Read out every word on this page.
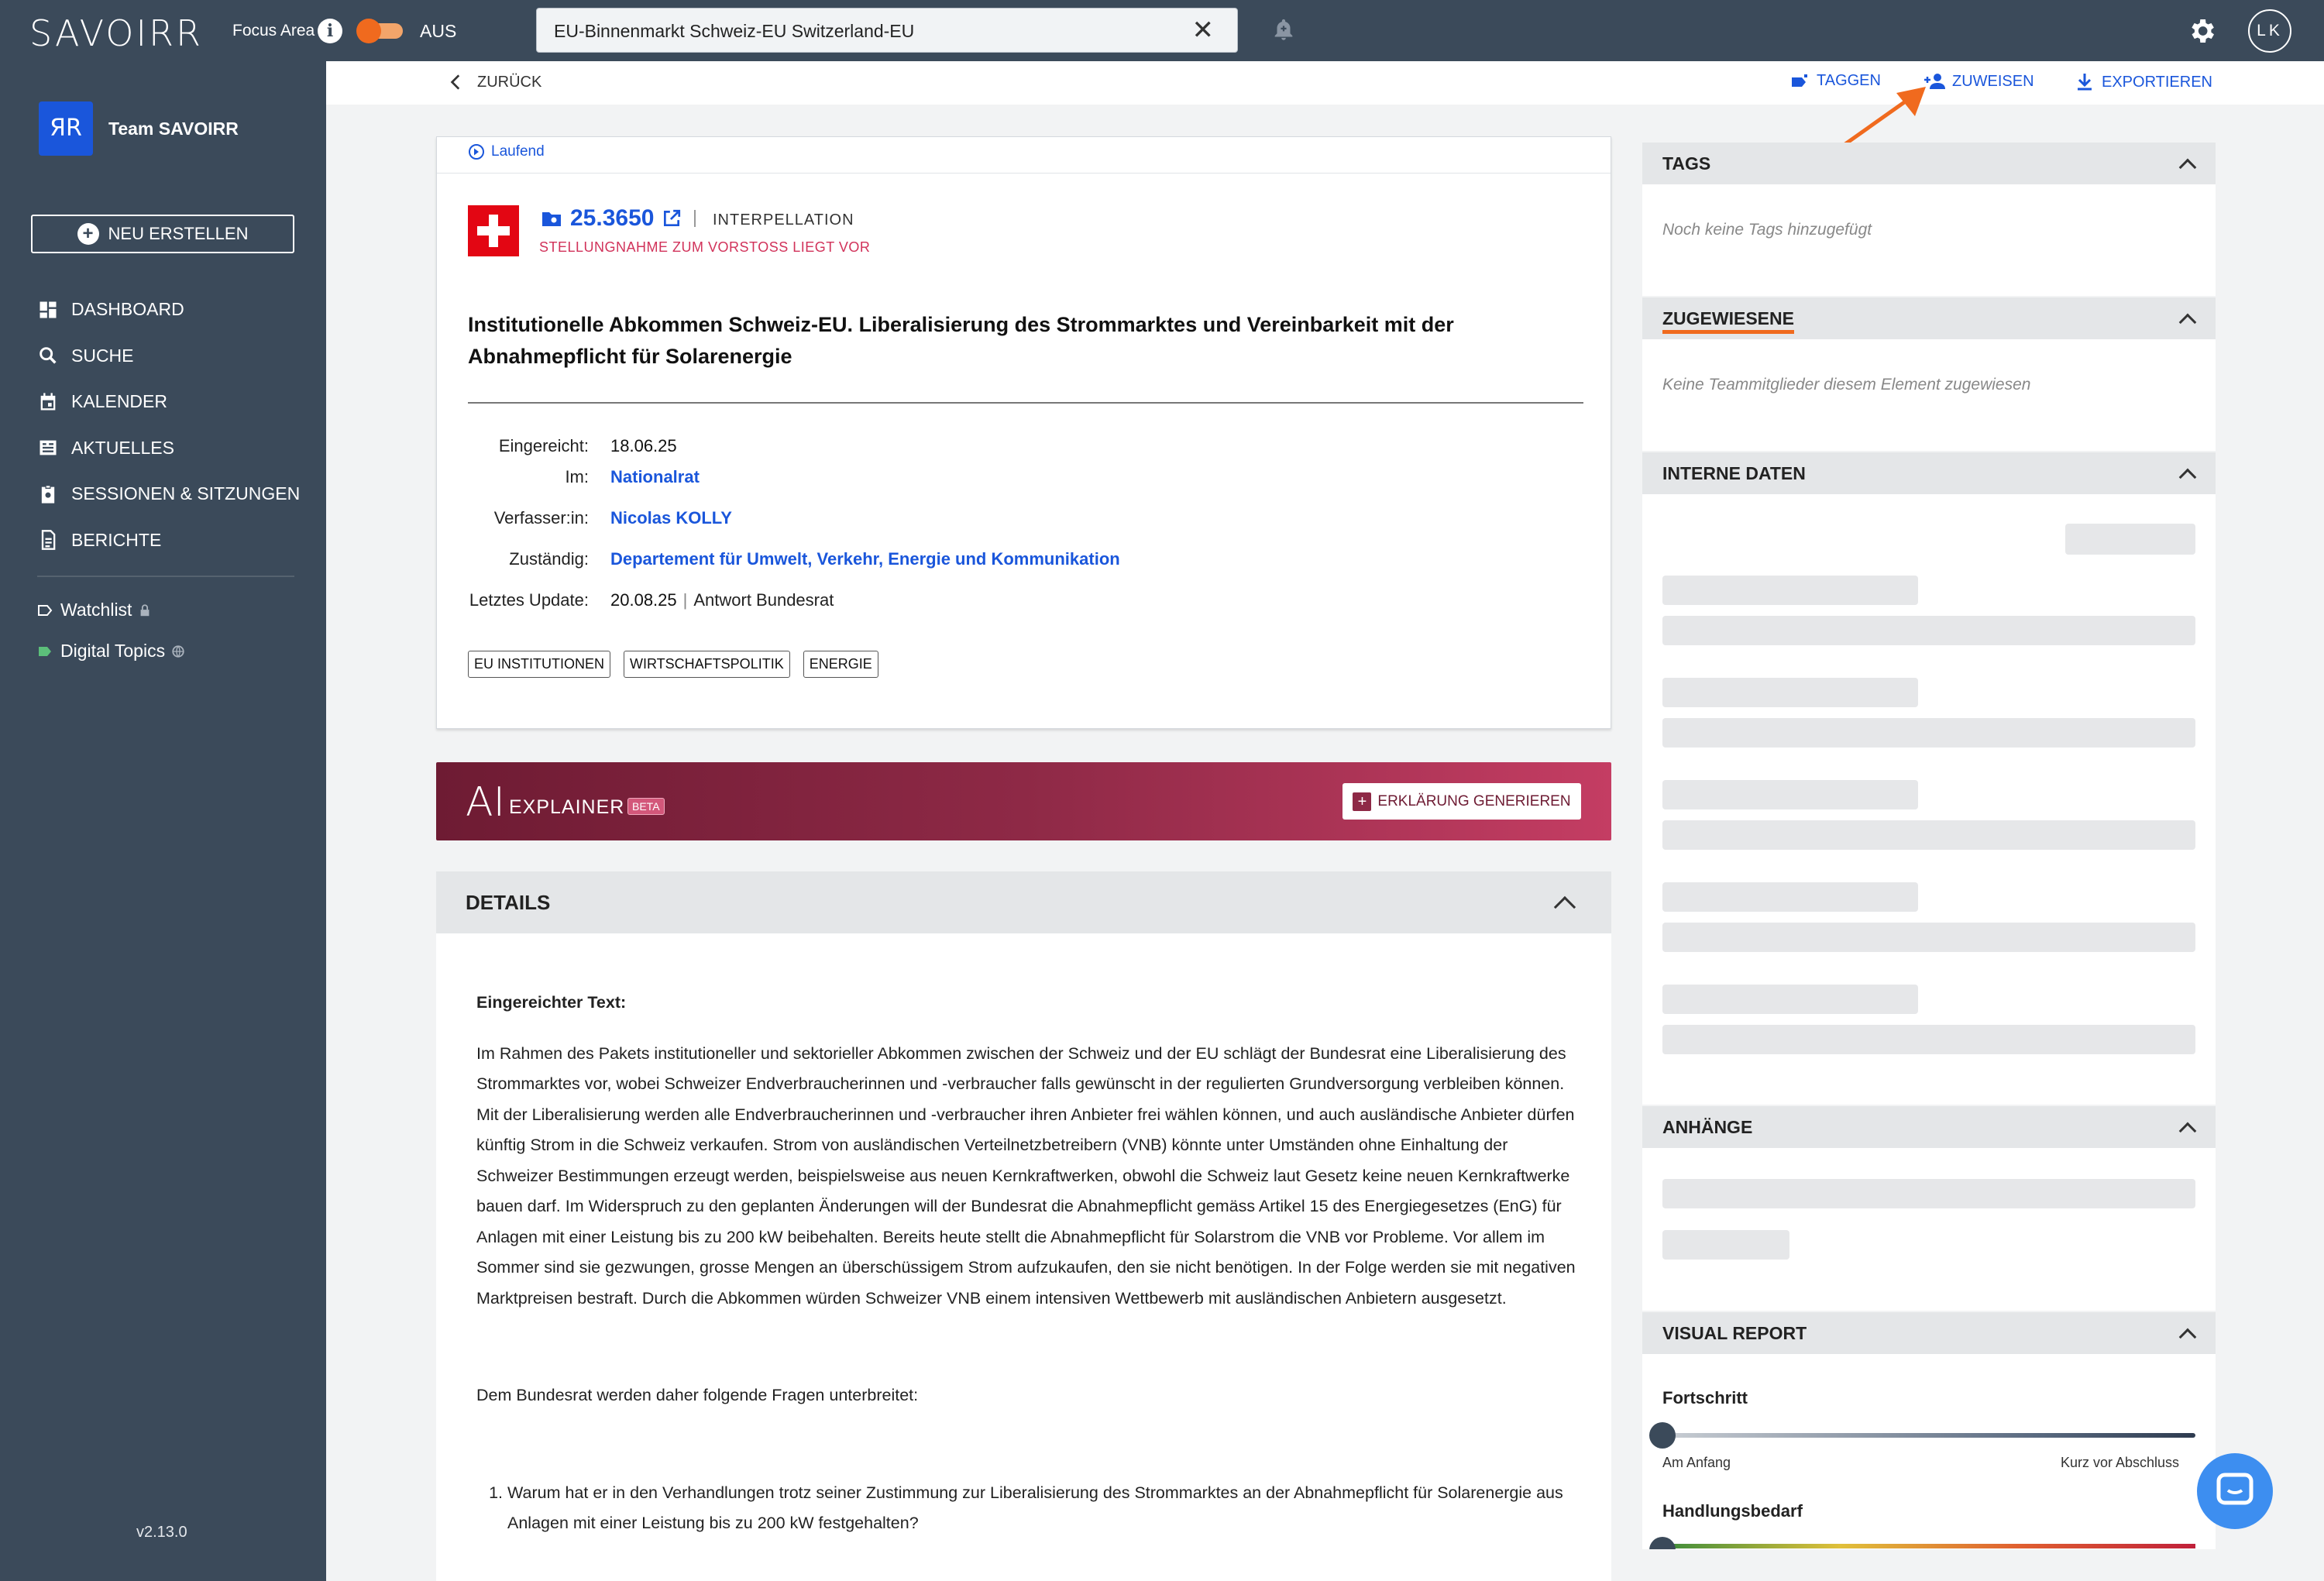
SAVOIRR Focus Area i	AUS
EU-Binnenmarkt Schweiz-EU Switzerland-EU	✕	LK
ЯR	Team SAVOIRR
+ NEU ERSTELLEN
DASHBOARD
SUCHE
KALENDER
AKTUELLES
SESSIONEN & SITZUNGEN
BERICHTE
Watchlist
Digital Topics
v2.13.0
ZURÜCK	TAGGEN	ZUWEISEN	EXPORTIEREN
Laufend
25.3650	INTERPELLATION
STELLUNGNAHME ZUM VORSTOSS LIEGT VOR
Institutionelle Abkommen Schweiz-EU. Liberalisierung des Strommarktes und Vereinbarkeit mit der Abnahmepflicht für Solarenergie
Eingereicht: 18.06.25
Im: Nationalrat
Verfasser:in: Nicolas KOLLY
Zuständig: Departement für Umwelt, Verkehr, Energie und Kommunikation
Letztes Update: 20.08.25 | Antwort Bundesrat
EU INSTITUTIONEN	WIRTSCHAFTSPOLITIK	ENERGIE
AI EXPLAINER BETA	+ ERKLÄRUNG GENERIEREN
DETAILS
Eingereichter Text:

Im Rahmen des Pakets institutioneller und sektorieller Abkommen zwischen der Schweiz und der EU schlägt der Bundesrat eine Liberalisierung des Strommarktes vor, wobei Schweizer Endverbraucherinnen und -verbraucher falls gewünscht in der regulierten Grundversorgung verbleiben können. Mit der Liberalisierung werden alle Endverbraucherinnen und -verbraucher ihren Anbieter frei wählen können, und auch ausländische Anbieter dürfen künftig Strom in die Schweiz verkaufen. Strom von ausländischen Verteilnetzbetreibern (VNB) könnte unter Umständen ohne Einhaltung der Schweizer Bestimmungen erzeugt werden, beispielsweise aus neuen Kernkraftwerken, obwohl die Schweiz laut Gesetz keine neuen Kernkraftwerke bauen darf. Im Widerspruch zu den geplanten Änderungen will der Bundesrat die Abnahmepflicht gemäss Artikel 15 des Energiegesetzes (EnG) für Anlagen mit einer Leistung bis zu 200 kW beibehalten. Bereits heute stellt die Abnahmepflicht für Solarstrom die VNB vor Probleme. Vor allem im Sommer sind sie gezwungen, grosse Mengen an überschüssigem Strom aufzukaufen, den sie nicht benötigen. In der Folge werden sie mit negativen Marktpreisen bestraft. Durch die Abkommen würden Schweizer VNB einem intensiven Wettbewerb mit ausländischen Anbietern ausgesetzt.

Dem Bundesrat werden daher folgende Fragen unterbreitet:

1. Warum hat er in den Verhandlungen trotz seiner Zustimmung zur Liberalisierung des Strommarktes an der Abnahmepflicht für Solarenergie aus Anlagen mit einer Leistung bis zu 200 kW festgehalten?
TAGS
Noch keine Tags hinzugefügt
ZUGEWIESENE
Keine Teammitglieder diesem Element zugewiesen
INTERNE DATEN
ANHÄNGE
VISUAL REPORT
Fortschritt
Am Anfang	Kurz vor Abschluss
Handlungsbedarf
